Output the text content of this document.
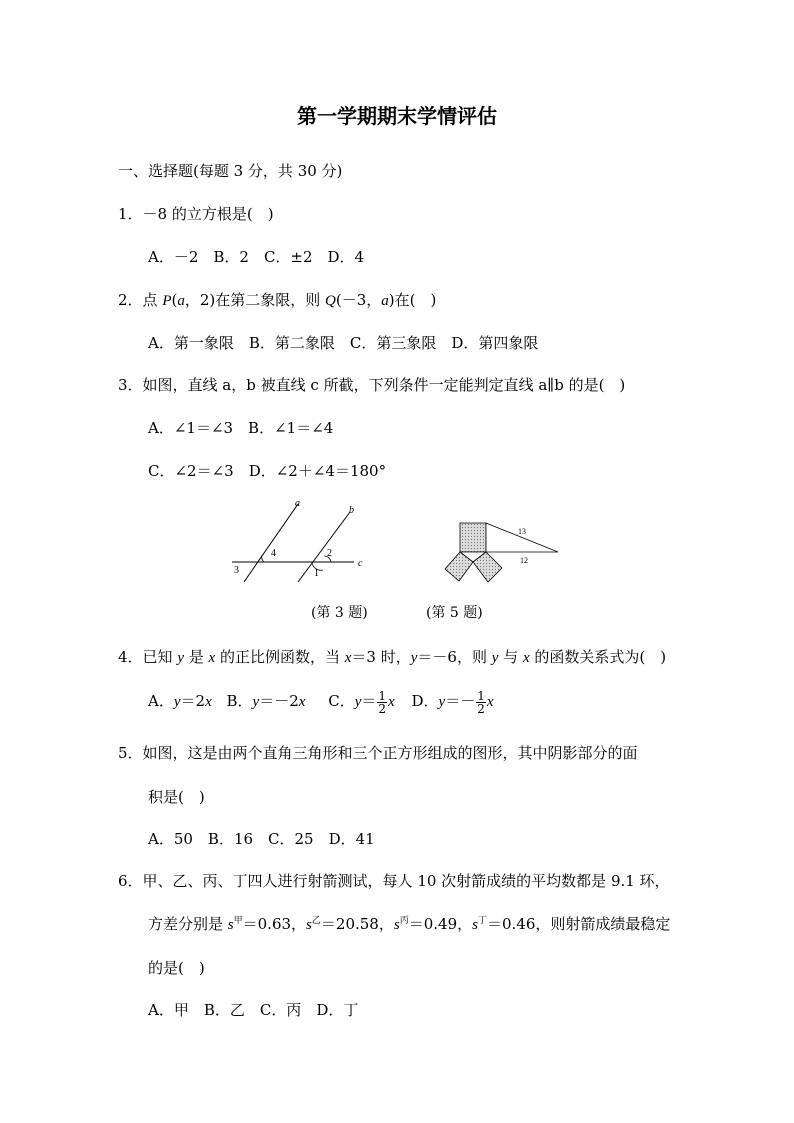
第一学期期末学情评估
一、选择题(每题 3 分，共 30 分)
1．－8 的立方根是(　)
A．－2　B．2　C．±2　D．4
2．点 P(a，2)在第二象限，则 Q(－3，a)在(　)
A．第一象限　B．第二象限　C．第三象限　D．第四象限
3．如图，直线 a，b 被直线 c 所截，下列条件一定能判定直线 a∥b 的是(　)
A．∠1＝∠3　B．∠1＝∠4
C．∠2＝∠3　D．∠2＋∠4＝180°
a
b
c
4	2
1
3
13
12
(第 3 题)	(第 5 题)
4．已知 y 是 x 的正比例函数，当 x＝3 时，y＝－6，则 y 与 x 的函数关系式为(　)
A．y＝2x B．y＝－2x C．$y= \frac{1}{2}$ x D．$y=- \frac{1}{2}$ x
5．如图，这是由两个直角三角形和三个正方形组成的图形，其中阴影部分的面
积是(　)
A．50　B．16　C．25　D．41
6．甲、乙、丙、丁四人进行射箭测试，每人 10 次射箭成绩的平均数都是 9.1 环，
方差分别是 $s^甲=0.63$，$s^乙=20.58$，$s^丙=0.49$，$s^丁=0.46$，则射箭成绩最稳定
的是(　)
A．甲　B．乙　C．丙　D．丁
